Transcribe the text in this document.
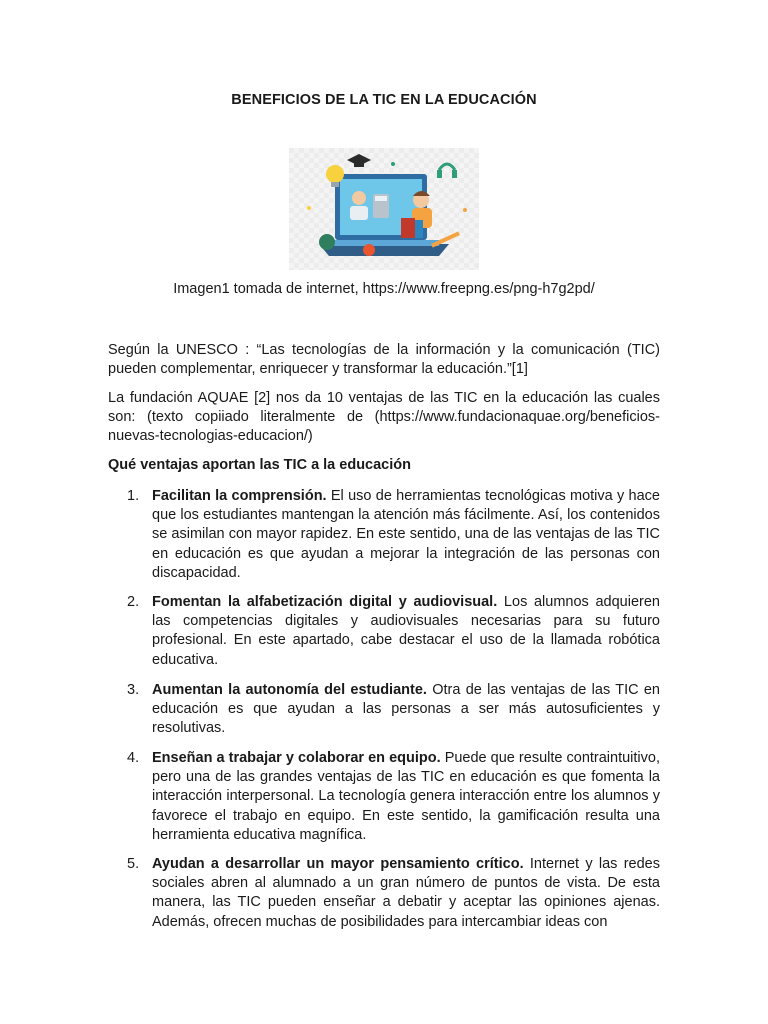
BENEFICIOS DE LA TIC EN LA EDUCACIÓN
Imagen1 tomada de internet, https://www.freepng.es/png-h7g2pd/
Según la UNESCO : “Las tecnologías de la información y la comunicación (TIC) pueden complementar, enriquecer y transformar la educación.”[1]
La fundación AQUAE [2] nos da 10 ventajas de las TIC en la educación las cuales son: (texto copiiado literalmente de (https://www.fundacionaquae.org/beneficios-nuevas-tecnologias-educacion/)
Qué ventajas aportan las TIC a la educación
1. Facilitan la comprensión. El uso de herramientas tecnológicas motiva y hace que los estudiantes mantengan la atención más fácilmente. Así, los contenidos se asimilan con mayor rapidez. En este sentido, una de las ventajas de las TIC en educación es que ayudan a mejorar la integración de las personas con discapacidad.
2. Fomentan la alfabetización digital y audiovisual. Los alumnos adquieren las competencias digitales y audiovisuales necesarias para su futuro profesional. En este apartado, cabe destacar el uso de la llamada robótica educativa.
3. Aumentan la autonomía del estudiante. Otra de las ventajas de las TIC en educación es que ayudan a las personas a ser más autosuficientes y resolutivas.
4. Enseñan a trabajar y colaborar en equipo. Puede que resulte contraintuitivo, pero una de las grandes ventajas de las TIC en educación es que fomenta la interacción interpersonal. La tecnología genera interacción entre los alumnos y favorece el trabajo en equipo. En este sentido, la gamificación resulta una herramienta educativa magnífica.
5. Ayudan a desarrollar un mayor pensamiento crítico. Internet y las redes sociales abren al alumnado a un gran número de puntos de vista. De esta manera, las TIC pueden enseñar a debatir y aceptar las opiniones ajenas. Además, ofrecen muchas de posibilidades para intercambiar ideas con
